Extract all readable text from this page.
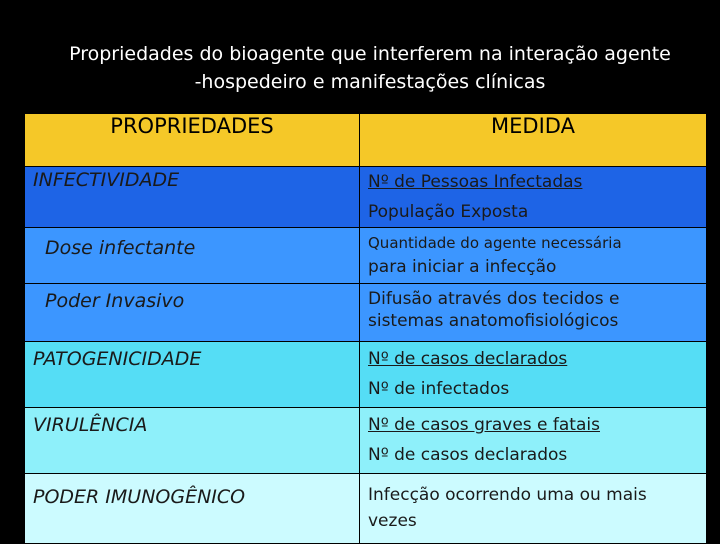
Propriedades do bioagente que interferem na interação agente
-hospedeiro e manifestações clínicas
PROPRIEDADES	MEDIDA

INFECTIVIDADE	Nº de Pessoas Infectadas
População Exposta

Dose infectante	Quantidade do agente necessária
para iniciar a infecção

Poder Invasivo	Difusão através dos tecidos e
sistemas anatomofisiológicos

PATOGENICIDADE	Nº de casos declarados
Nº de infectados

VIRULÊNCIA	Nº de casos graves e fatais
Nº de casos declarados

PODER IMUNOGÊNICO	Infecção ocorrendo uma ou mais
vezes
